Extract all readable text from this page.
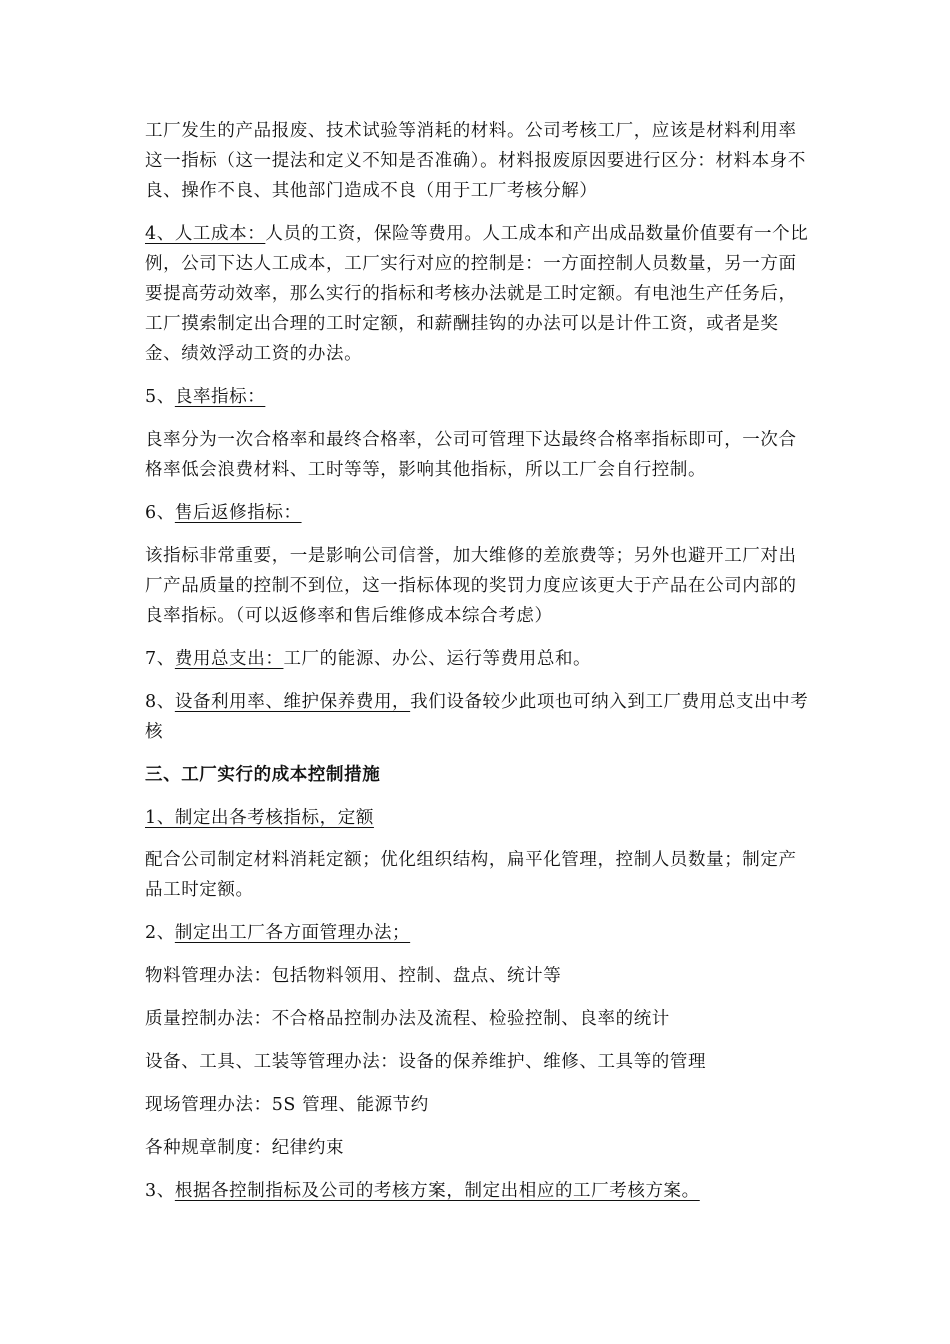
工厂发生的产品报废、技术试验等消耗的材料。公司考核工厂，应该是材料利用率这一指标（这一提法和定义不知是否准确）。材料报废原因要进行区分：材料本身不良、操作不良、其他部门造成不良（用于工厂考核分解）

4、人工成本：人员的工资，保险等费用。人工成本和产出成品数量价值要有一个比例，公司下达人工成本，工厂实行对应的控制是：一方面控制人员数量，另一方面要提高劳动效率，那么实行的指标和考核办法就是工时定额。有电池生产任务后，工厂摸索制定出合理的工时定额，和薪酬挂钩的办法可以是计件工资，或者是奖金、绩效浮动工资的办法。

5、良率指标：

良率分为一次合格率和最终合格率，公司可管理下达最终合格率指标即可，一次合格率低会浪费材料、工时等等，影响其他指标，所以工厂会自行控制。

6、售后返修指标：

该指标非常重要，一是影响公司信誉，加大维修的差旅费等；另外也避开工厂对出厂产品质量的控制不到位，这一指标体现的奖罚力度应该更大于产品在公司内部的良率指标。（可以返修率和售后维修成本综合考虑）

7、费用总支出：工厂的能源、办公、运行等费用总和。

8、设备利用率、维护保养费用，我们设备较少此项也可纳入到工厂费用总支出中考核

三、工厂实行的成本控制措施

1、制定出各考核指标，定额

配合公司制定材料消耗定额；优化组织结构，扁平化管理，控制人员数量；制定产品工时定额。

2、制定出工厂各方面管理办法；

物料管理办法：包括物料领用、控制、盘点、统计等

质量控制办法：不合格品控制办法及流程、检验控制、良率的统计

设备、工具、工装等管理办法：设备的保养维护、维修、工具等的管理

现场管理办法：5S 管理、能源节约

各种规章制度：纪律约束

3、根据各控制指标及公司的考核方案，制定出相应的工厂考核方案。
